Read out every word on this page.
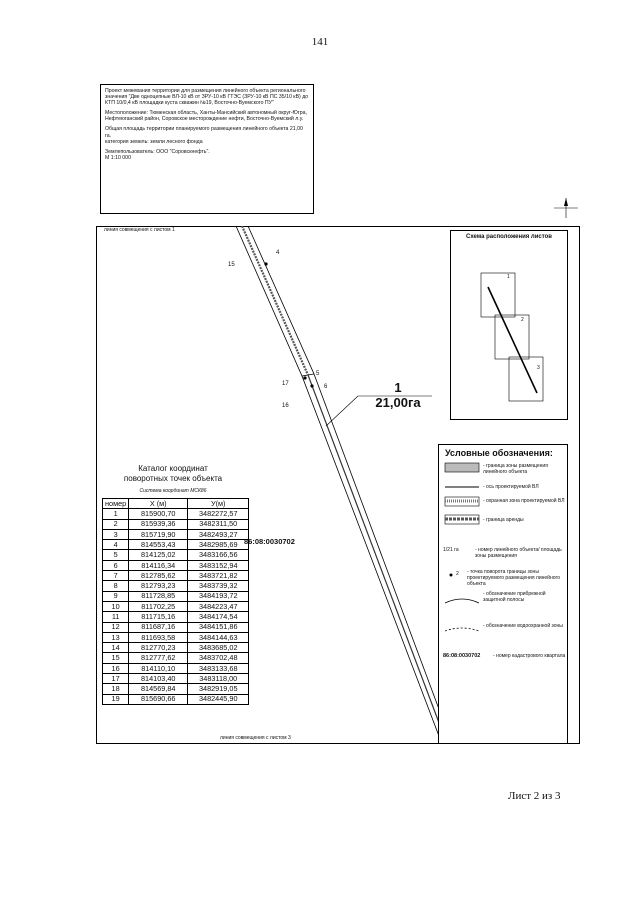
141

Проект межевания территории для размещения линейного объекта регионального значения "Две одноцепные ВЛ-10 кВ от ЗРУ-10 кВ ГТЭС (ЗРУ-10 кВ ПС 35/10 кВ) до КТП 10/0,4 кВ площадки куста скважин №19, Восточно-Вуемского ПУ"

Местоположение: Тюменская область, Ханты-Мансийский автономный округ-Югра, Нефтеюганский район, Соровское месторождение нефти, Восточно-Вуемский л.у.

Общая площадь территории планируемого размещения линейного объекта 21,00 га.

категория земель: земли лесного фонда

Землепользователь: ООО "Соровскнефть".

М 1:10 000

линия совмещения с листом 1
линия совмещения с листом 3
15
4
17
5
6
16
1
21,00га
86:08:0030702
Схема расположения листов
1
2
3
Каталог координат
поворотных точек объекта
Система координат МСК86
номер	Х (м)	У(м)
1	815900,70	3482272,57
2	815939,36	3482311,50
3	815719,90	3482493,27
4	814553,43	3482985,69
5	814125,02	3483166,56
6	814116,34	3483152,94
7	812785,62	3483721,82
8	812793,23	3483739,32
9	811728,85	3484193,72
10	811702,25	3484223,47
11	811715,16	3484174,54
12	811687,16	3484151,86
13	811693,58	3484144,63
14	812770,23	3483685,02
15	812777,62	3483702,48
16	814110,10	3483133,68
17	814103,40	3483118,00
18	814569,84	3482919,05
19	815690,66	3482445,90
Условные обозначения:
- граница зоны размещения линейного объекта
- ось проектируемой ВЛ
- охранная зона проектируемой ВЛ
- граница аренды
1/21 га	- номер линейного объекта/ площадь зоны размещения
2	- точка поворота границы зоны проектируемого размещения линейного объекта
- обозначение прибрежной защитной полосы
- обозначение водоохранной зоны
86:08:0030702	- номер кадастрового квартала
Лист 2 из 3
